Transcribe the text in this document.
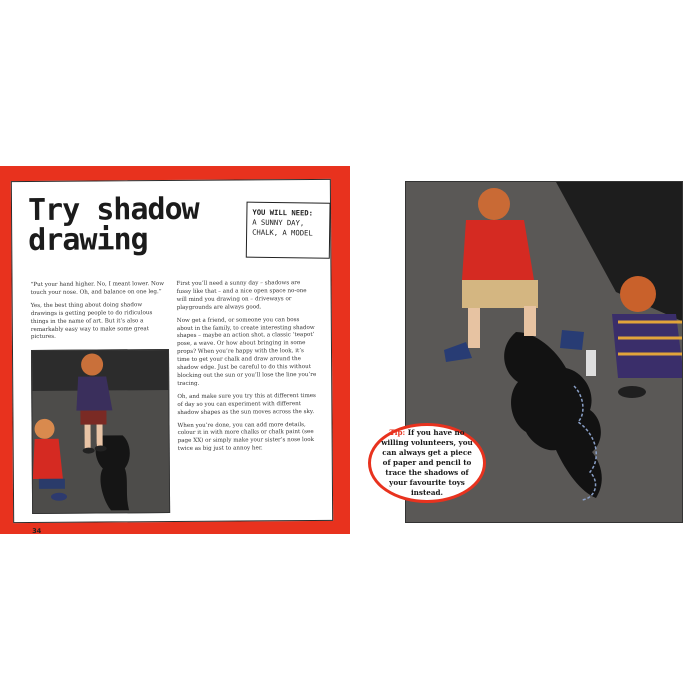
Try shadow
drawing
YOU WILL NEED:
A SUNNY DAY, CHALK, A MODEL

“Put your hand higher. No, I meant lower. Now touch your nose. Oh, and balance on one leg.”

Yes, the best thing about doing shadow drawings is getting people to do ridiculous things in the name of art. But it’s also a remarkably easy way to make some great pictures.

First you’ll need a sunny day – shadows are fussy like that – and a nice open space no-one will mind you drawing on – driveways or playgrounds are always good.

Now get a friend, or someone you can boss about in the family, to create interesting shadow shapes – maybe an action shot, a classic ‘teapot’ pose, a wave. Or how about bringing in some props? When you’re happy with the look, it’s time to get your chalk and draw around the shadow edge. Just be careful to do this without blocking out the sun or you’ll lose the line you’re tracing.

Oh, and make sure you try this at different times of day so you can experiment with different shadow shapes as the sun moves across the sky.

When you’re done, you can add more details, colour it in with more chalks or chalk paint (see page XX) or simply make your sister’s nose look twice as big just to annoy her.

34
Tip: If you have no willing volunteers, you can always get a piece of paper and pencil to trace the shadows of your favourite toys instead.
